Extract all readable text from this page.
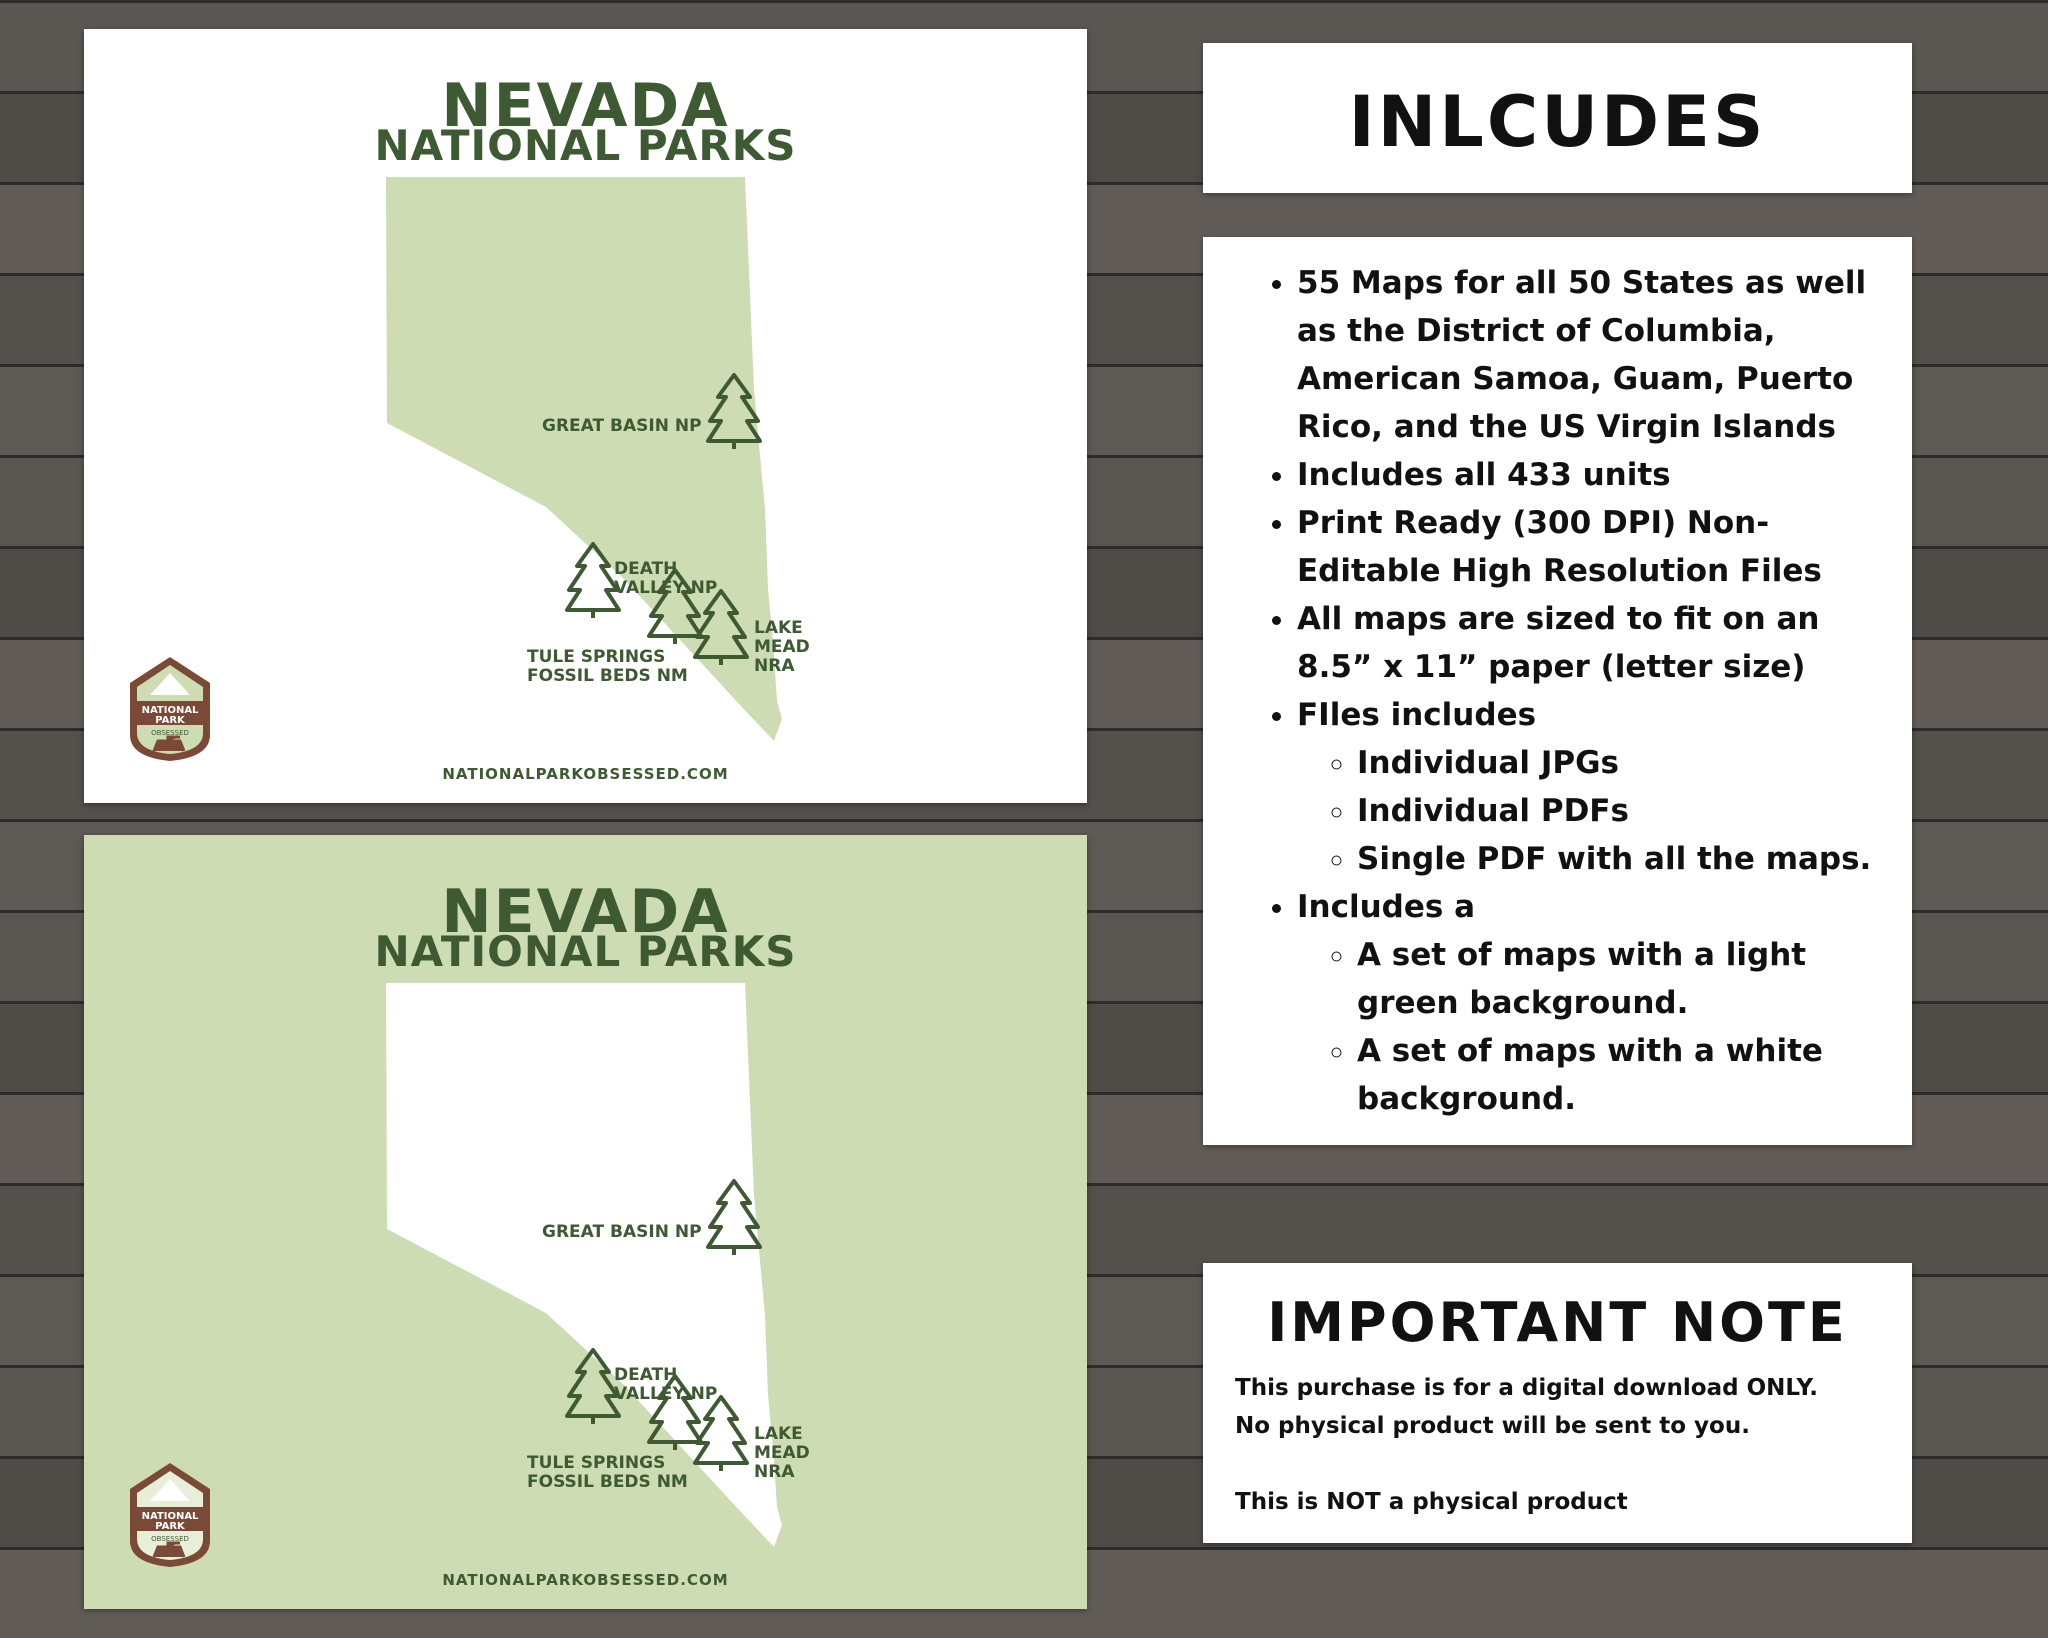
NATIONAL
PARK
OBSESSED
NEVADA
NATIONAL PARKS
GREAT BASIN NP
DEATH
VALLEY NP
TULE SPRINGS
FOSSIL BEDS NM
LAKE
MEAD
NRA
NATIONALPARKOBSESSED.COM
NATIONAL
PARK
OBSESSED
NEVADA
NATIONAL PARKS
GREAT BASIN NP
DEATH
VALLEY NP
TULE SPRINGS
FOSSIL BEDS NM
LAKE
MEAD
NRA
NATIONALPARKOBSESSED.COM
INLCUDES
• 55 Maps for all 50 States as well as the District of Columbia, American Samoa, Guam, Puerto Rico, and the US Virgin Islands
• Includes all 433 units
• Print Ready (300 DPI) Non-Editable High Resolution Files
• All maps are sized to fit on an 8.5” x 11” paper (letter size)
• FIles includes
◦ Individual JPGs
◦ Individual PDFs
◦ Single PDF with all the maps.
• Includes a
◦ A set of maps with a light green background.
◦ A set of maps with a white background.
IMPORTANT NOTE
This purchase is for a digital download ONLY.
No physical product will be sent to you.
This is NOT a physical product
